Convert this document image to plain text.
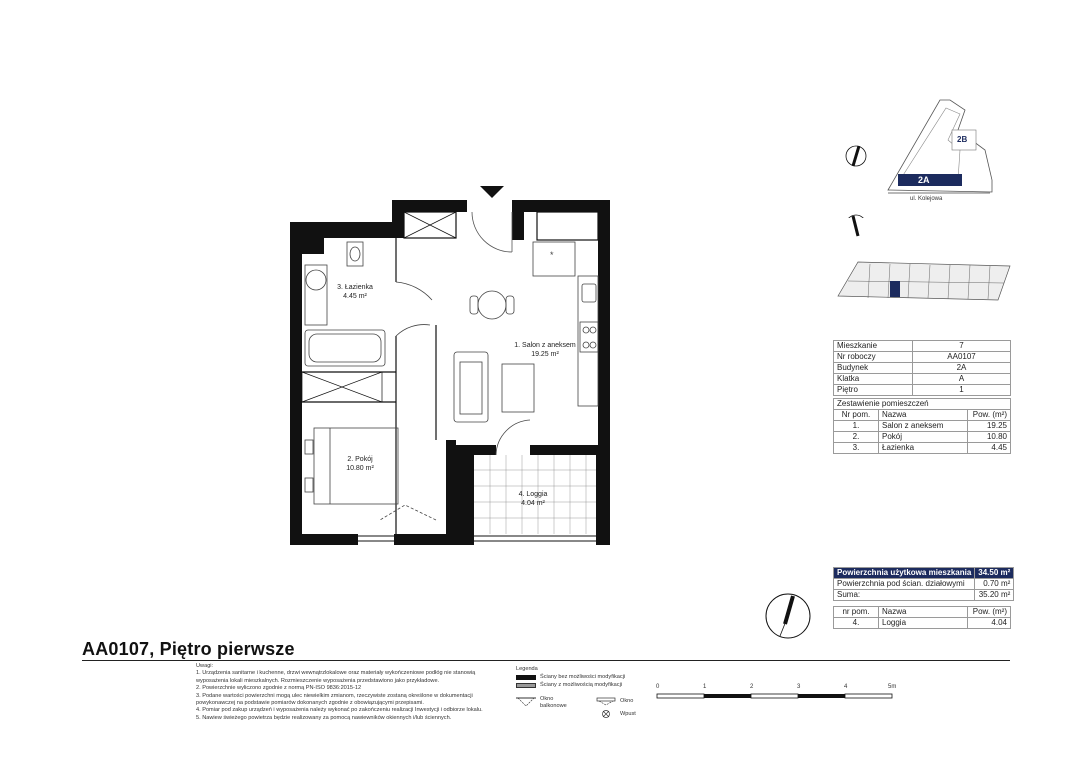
*
1. Salon z aneksem
19.25 m²
2. Pokój
10.80 m²
3. Łazienka
4.45 m²
4. Loggia
4.04 m²
2A
2B
ul. Kolejowa
Mieszkanie	7
Nr roboczy	AA0107
Budynek	2A
Klatka	A
Piętro	1
Zestawienie pomieszczeń		
Nr pom.	Nazwa	Pow. (m²)
1.	Salon z aneksem	19.25
2.	Pokój	10.80
3.	Łazienka	4.45
Powierzchnia użytkowa mieszkania	34.50 m²
Powierzchnia pod ścian. działowymi	0.70 m²
Suma:	35.20 m²
nr pom.	Nazwa	Pow. (m²)
4.	Loggia	4.04
AA0107, Piętro pierwsze
Uwagi:
1. Urządzenia sanitarne i kuchenne, drzwi wewnątrzlokalowe oraz materiały wykończeniowe podłóg nie stanowią wyposażenia lokali mieszkalnych. Rozmieszczenie wyposażenia przedstawiono jako przykładowe.
2. Powierzchnie wyliczono zgodnie z normą PN-ISO 9836:2015-12
3. Podane wartości powierzchni mogą ulec niewielkim zmianom, rzeczywiste zostaną określone w dokumentacji powykonawczej na podstawie pomiarów dokonanych zgodnie z obowiązującymi przepisami.
4. Pomiar pod zakup urządzeń i wyposażenia należy wykonać po zakończeniu realizacji Inwestycji i odbiorze lokalu.
5. Nawiew świeżego powietrza będzie realizowany za pomocą nawiewników okiennych i/lub ściennych.
Legenda
Ściany bez możliwości modyfikacji
Ściany z możliwością modyfikacji
Okno balkonowe
Okno
Wpust
0	1	2	3	4	5m
